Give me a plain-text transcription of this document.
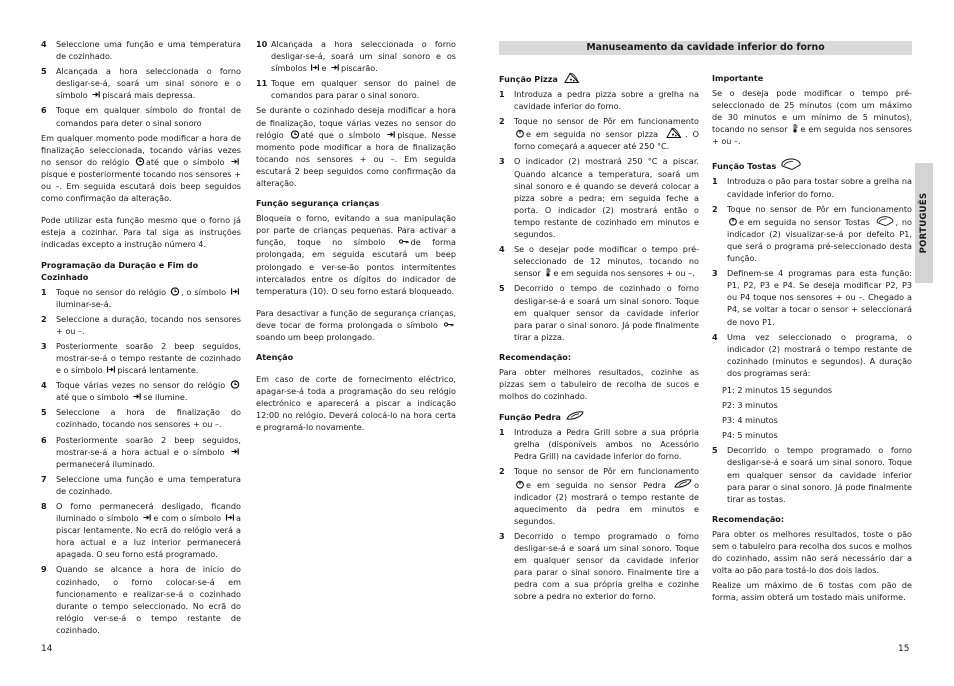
4 Seleccione uma função e uma temperatura de cozinhado.
5 Alcançada a hora seleccionada o forno desligar-se-á, soará um sinal sonoro e o símbolo piscará mais depressa.
6 Toque em qualquer símbolo do frontal de comandos para deter o sinal sonoro
Em qualquer momento pode modificar a hora de finalização seleccionada, tocando várias vezes no sensor do relógio até que o símbolo
pisque e posteriormente tocando nos sensores + ou –. Em seguida escutará dois beep seguidos como confirmação da alteração.
Pode utilizar esta função mesmo que o forno já esteja a cozinhar. Para tal siga as instruções indicadas excepto a instrução número 4.
Programação da Duração e Fim do Cozinhado
1 Toque no sensor do relógio , o símbolo
iluminar-se-á.
2 Seleccione a duração, tocando nos sensores + ou –.
3 Posteriormente soarão 2 beep seguidos, mostrar-se-á o tempo restante de cozinhado e o símbolo piscará lentamente.
4 Toque várias vezes no sensor do relógio
até que o símbolo se ilumine.
5 Seleccione a hora de finalização do cozinhado, tocando nos sensores + ou –.
6 Posteriormente soarão 2 beep seguidos, mostrar-se-á a hora actual e o símbolo
permanecerá iluminado.
7 Seleccione uma função e uma temperatura de cozinhado.
8 O forno permanecerá desligado, ficando iluminado o símbolo e com o símbolo a piscar lentamente. No ecrã do relógio verá a hora actual e a luz interior permanecerá apagada. O seu forno está programado.
9 Quando se alcance a hora de início do cozinhado, o forno colocar-se-á em funcionamento e realizar-se-á o cozinhado durante o tempo seleccionado. No ecrã do relógio ver-se-á o tempo restante de cozinhado.
10 Alcançada a hora seleccionada o forno desligar-se-á, soará um sinal sonoro e os símbolos e piscarão.
11 Toque em qualquer sensor do painel de comandos para parar o sinal sonoro.
Se durante o cozinhado deseja modificar a hora de finalização, toque várias vezes no sensor do relógio até que o símbolo pisque. Nesse momento pode modificar a hora de finalização tocando nos sensores + ou –. Em seguida escutará 2 beep seguidos como confirmação da alteração.
Função segurança crianças
Bloqueia o forno, evitando a sua manipulação por parte de crianças pequenas. Para activar a função, toque no símbolo	de forma prolongada, em seguida escutará um beep prolongado e ver-se-ão pontos intermitentes intercalados entre os dígitos do indicador de temperatura (10). O seu forno estará bloqueado.
Para desactivar a função de segurança crianças, deve tocar de forma prolongada o símbolo
soando um beep prolongado.
Atenção
Em caso de corte de fornecimento eléctrico, apagar-se-á toda a programação do seu relógio electrónico e aparecerá a piscar a indicação 12:00 no relógio. Deverá colocá-lo na hora certa e programá-lo novamente.
Manuseamento da cavidade inferior do forno
Função Pizza
1 Introduza a pedra pizza sobre a grelha na cavidade inferior do forno.
2 Toque no sensor de Pôr em funcionamento
e em seguida no sensor pizza	. O forno começará a aquecer até 250 °C.
3 O indicador (2) mostrará 250 °C a piscar. Quando alcance a temperatura, soará um sinal sonoro e é quando se deverá colocar a pizza sobre a pedra; em seguida feche a porta. O indicador (2) mostrará então o tempo restante de cozinhado em minutos e segundos.
4 Se o desejar pode modificar o tempo pré-seleccionado de 12 minutos, tocando no sensor e em seguida nos sensores + ou –.
5 Decorrido o tempo de cozinhado o forno desligar-se-á e soará um sinal sonoro. Toque em qualquer sensor da cavidade inferior para parar o sinal sonoro. Já pode finalmente tirar a pizza.
Recomendação:
Para obter melhores resultados, cozinhe as pizzas sem o tabuleiro de recolha de sucos e molhos do cozinhado.
Função Pedra
1 Introduza a Pedra Grill sobre a sua própria grelha (disponíveis ambos no Acessório Pedra Grill) na cavidade inferior do forno.
2 Toque no sensor de Pôr em funcionamento
e em seguida no sensor Pedra	o indicador (2) mostrará o tempo restante de aquecimento da pedra em minutos e segundos.
3 Decorrido o tempo programado o forno desligar-se-á e soará um sinal sonoro. Toque em qualquer sensor da cavidade inferior para parar o sinal sonoro. Finalmente tire a pedra com a sua própria grelha e cozinhe sobre a pedra no exterior do forno.
Importante
Se o deseja pode modificar o tempo pré-seleccionado de 25 minutos (com um máximo de 30 minutos e um mínimo de 5 minutos), tocando no sensor e em seguida nos sensores + ou –.
Função Tostas
1 Introduza o pão para tostar sobre a grelha na cavidade inferior do forno.
2 Toque no sensor de Pôr em funcionamento
e em seguida no sensor Tostas	, no indicador (2) visualizar-se-á por defeito P1, que será o programa pré-seleccionado desta função.
3 Definem-se 4 programas para esta função: P1, P2, P3 e P4. Se deseja modificar P2, P3 ou P4 toque nos sensores + ou –. Chegado a P4, se voltar a tocar o sensor + seleccionará de novo P1.
4 Uma vez seleccionado o programa, o indicador (2) mostrará o tempo restante de cozinhado (minutos e segundos). A duração dos programas será:

P1: 2 minutos 15 segundos

P2: 3 minutos

P3: 4 minutos

P4: 5 minutos

5 Decorrido o tempo programado o forno desligar-se-á e soará um sinal sonoro. Toque em qualquer sensor da cavidade inferior para parar o sinal sonoro. Já pode finalmente tirar as tostas.
Recomendação:
Para obter os melhores resultados, toste o pão sem o tabuleiro para recolha dos sucos e molhos do cozinhado, assim não será necessário dar a volta ao pão para tostá-lo dos dois lados.
Realize um máximo de 6 tostas com pão de forma, assim obterá um tostado mais uniforme.
PORTUGUÊS
14	15
